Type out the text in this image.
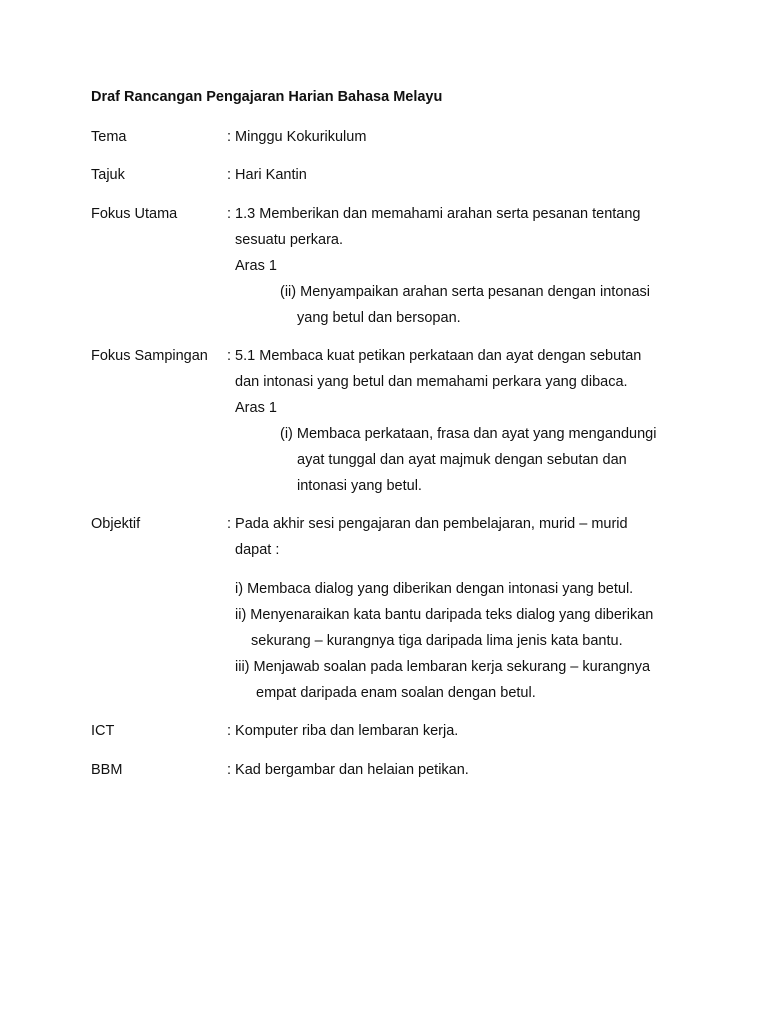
Draf Rancangan Pengajaran Harian Bahasa Melayu
Tema	: Minggu Kokurikulum
Tajuk	: Hari Kantin
Fokus Utama	: 1.3 Memberikan dan memahami arahan serta pesanan tentang
sesuatu perkara.
Aras 1
(ii) Menyampaikan arahan serta pesanan dengan intonasi
yang betul dan bersopan.
Fokus Sampingan : 5.1 Membaca kuat petikan perkataan dan ayat dengan sebutan
dan intonasi yang betul dan memahami perkara yang dibaca.
Aras 1
(i) Membaca perkataan, frasa dan ayat yang mengandungi
ayat tunggal dan ayat majmuk dengan sebutan dan
intonasi yang betul.
Objektif	: Pada akhir sesi pengajaran dan pembelajaran, murid – murid
dapat :
i) Membaca dialog yang diberikan dengan intonasi yang betul.
ii) Menyenaraikan kata bantu daripada teks dialog yang diberikan
sekurang – kurangnya tiga daripada lima jenis kata bantu.
iii) Menjawab soalan pada lembaran kerja sekurang – kurangnya
empat daripada enam soalan dengan betul.
ICT	: Komputer riba dan lembaran kerja.
BBM	: Kad bergambar dan helaian petikan.
